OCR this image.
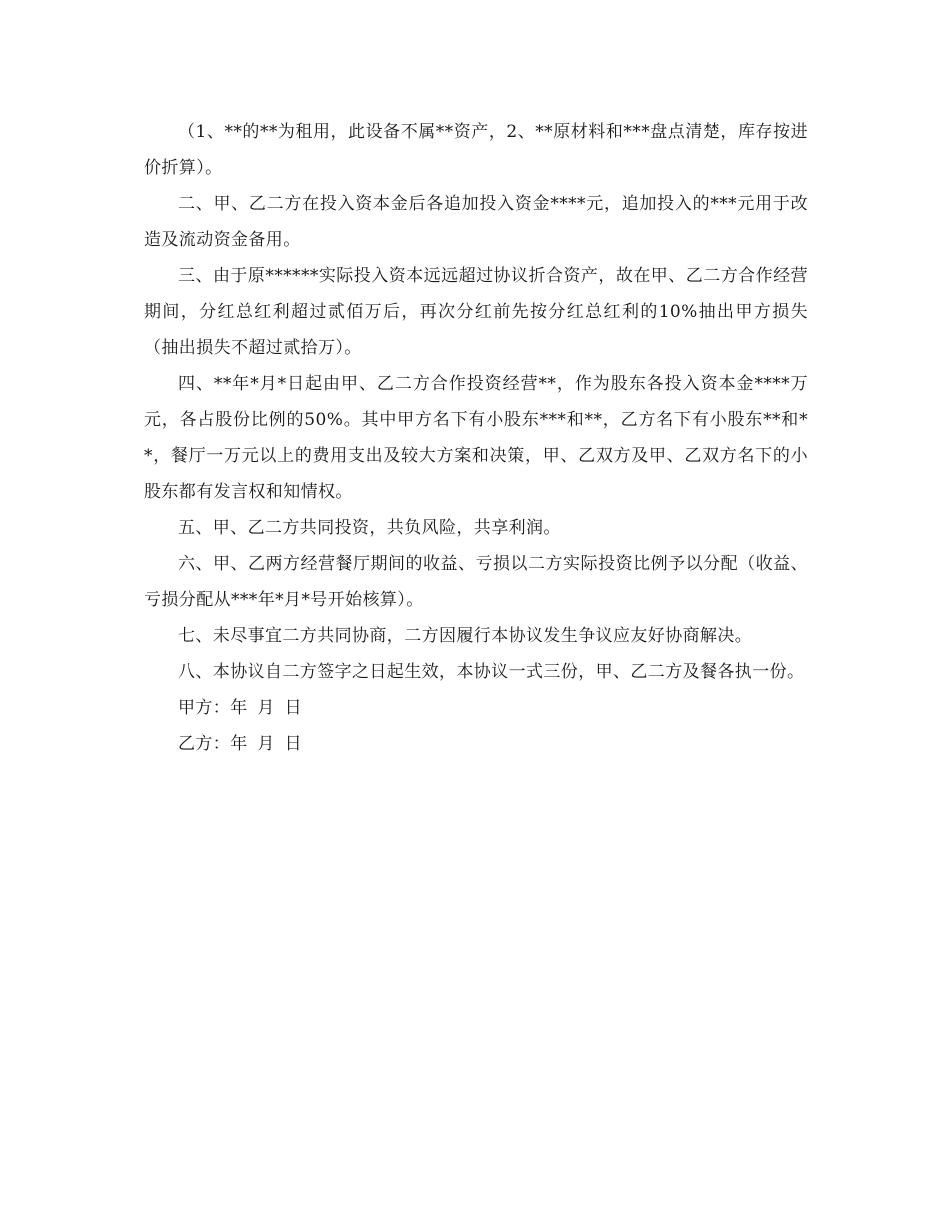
（1、**的**为租用，此设备不属**资产，2、**原材料和***盘点清楚，库存按进价折算）。

二、甲、乙二方在投入资本金后各追加投入资金****元，追加投入的***元用于改造及流动资金备用。

三、由于原******实际投入资本远远超过协议折合资产，故在甲、乙二方合作经营期间，分红总红利超过贰佰万后，再次分红前先按分红总红利的10%抽出甲方损失（抽出损失不超过贰拾万）。

四、**年*月*日起由甲、乙二方合作投资经营**，作为股东各投入资本金****万元，各占股份比例的50%。其中甲方名下有小股东***和**，乙方名下有小股东**和**，餐厅一万元以上的费用支出及较大方案和决策，甲、乙双方及甲、乙双方名下的小股东都有发言权和知情权。

五、甲、乙二方共同投资，共负风险，共享利润。

六、甲、乙两方经营餐厅期间的收益、亏损以二方实际投资比例予以分配（收益、亏损分配从***年*月*号开始核算）。

七、未尽事宜二方共同协商，二方因履行本协议发生争议应友好协商解决。

八、本协议自二方签字之日起生效，本协议一式三份，甲、乙二方及餐各执一份。

甲方：年 月 日

乙方：年 月 日
